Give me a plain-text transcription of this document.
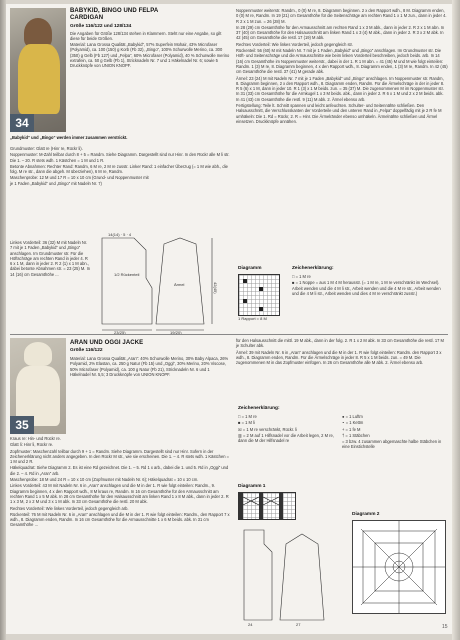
34
BABYKID, BINGO UND FELPA
CARDIGAN
Größe 116/122 und 128/134
Die Angaben für Größe 128/134 stehen in Klammern. Steht nur eine Angabe, so gilt diese für beide Größen.
Material: Lana Grossa Qualität „Babykid“, 57% Superfein Mohair, 43% Microfaser (Polyamid), ca. 100 (150) g Korb (Fb 32), „Bingo“, 100% Schurwolle Merino, ca. 300 (350) g Gelb (Fb 127) und „Felpa“, 60% Microfaser (Polyamid), 40 % Schurwolle merino extrafein, ca. 50 g Gelb (Fb 1), Stricknadeln Nr. 7 und 1 Häkelnadel Nr. 6; sowie 5 Druckknöpfe von UNION KNOPF.
„Babykid“ und „Bingo“ werden immer zusammen verstrickt.

Grundmuster: Glatt re (Hinr re, Rückr li).

Noppenmuster: M-Zahl teilbar durch 8 + 5 = Randm. Siehe Diagramm. Dargestellt sind nur Hinr. In den Rückr alle M li str. Die 1. – 20. R stets wdh. 1 Kästchen = 1 M und 1 R.

Betonte Abnahmen: Rechter Rand: Randm, 6 M re, 2 M re zusstr. Linker Rand: 1 einfacher Überzug (= 1 M wie abh., die folg. M re str., dann die abgeh. M überziehen), 6 M re, Randm.

Maschenprobe: 12 M und 17 R = 10 x 10 cm (Grund- und Noppenmuster mit je 1 Faden „Babykid“ und „Bingo“ mit Nadeln Nr. 7)

Linkes Vorderteil: 36 (32) M mit Nadeln Nr. 7 mit je 1 Faden „Babykid“ und „Bingo“ anschlagen. Im Grundmuster str. Für die Höftschräge am rechten Rand in jeder 4. R 6 x 1 M, dann in jeder 2. R 2 (1) x 1 M abn., dabei betonte Abnahmen str. = 23 (25) M. In 14 (16) cm Gesamthöhe ...
14(14) · 5 · 4
23(25)	19(20)
42(45)
Ärmel
1/2 Rückenteil

Noppenmuster weiterstr. Randm., 0 (0) M re, 8. Diagramm beginnen. 2 x den Rapport wdh., 8 M. Diagramm enden, 0 (0) M re, Randm. In 19 (21) cm Gesamthöhe für die Seitenschräge am rechten Rand 1 x 1 M zun., dann in jeder 4. R 2 x 1 M zun. = 26 (28) M.

In 28 (29) cm Gesamthöhe für den Armausschnitt am rechten Rand 1 x 3 M abk., dann in jeder 2. R 2 x 1 M abn. In 37 (40) cm Gesamthöhe für den Halsausschnitt am linken Rand 1 x 3 (4) M abk., dann in jeder 2. R 3 x 2 M abk. In 42 (45) cm Gesamthöhe die restl. 17 (19) M abk.

Rechtes Vorderteil: Wie linkes Vorderteil, jedoch gegengleich str.

Rückenteil: 56 (60) M mit Nadeln Nr. 7 mit je 1 Faden „Babykid“ und „Bingo“ anschlagen. Im Grundmuster str. Die Höft- und Seitenschräge und die Armausschnitte wie beim linken Vorderteil beschreiben, jedoch beids. arb. In 14 (16) cm Gesamthöhe im Noppenmuster weiterstr., dabei in der 1. R 1 M abn. = 41 (45) M und M wie folgt einteilen: Randm. 1 (3) M re, 8. Diagramm beginnen, 4 x den Rapport wdh., 8. Diagramm enden, 1 (3) M re, Randm. In 42 (45) cm Gesamthöhe die restl. 37 (41) M gerade abk.

Ärmel: 23 (24) M mit Nadeln Nr. 7 mit je 1 Faden „Babykid“ und „Bingo“ anschlagen. Im Noppenmuster str. Randm, 8. Diagramm beginnen, 2 x den Rapport wdh., 8. Diagramm enden, Randm. Für die Ärmelschräge in der in jeder 8. R 5 (6) x 1 M, dann in jeder 10. R 1 (3) x 1 M beids. zun. = 35 (37) M. Die zugenommenen M im Noppenmuster str. In 31 (33) cm Gesamthöhe für die Armkugel 1 x 3 M beids. abk., dann in jeder 2. R 6 x 1 M und 2 x 2 M beids. abk. In 41 (43) cm Gesamthöhe die restl. 9 (11) M abk. 2. Ärmel ebenso arb.

Fertigstellung: Teile lt. Schnitt spannen und leicht anfeuchten. Schulter- und Seitennähte schließen. Den Halsausschnitt, die Verschlusskanten der Vorderteile und den unteren Rand in „Felpa“ doppelfädig mit je 2 R fe M umhäkeln: Die 1. Rd = Rückr, 2. R = Hinr. Die Ärmelränder ebenso umhäkeln. Ärmelnähte schließen und Ärmel einsetzen. Druckknöpfe annähen.

Diagramm
1 Rapport = 8 M
Zeichenerklärung:

□ = 1 M re

■ = 1 Noppe = aus 1 M 4 M herausstr. (= 1 M re, 1 M re verschränkt im Wechsel). Arbeit wenden und die 4 M li str., Arbeit wenden und die 4 M re str., Arbeit wenden und die 4 M li str., Arbeit wenden und dies 4 M re verschränkt zusstr.)

35
ARAN UND OGGI JACKE
Größe 116/122
Material: Lana Grossa Qualität „Aran“: 40% Schurwolle Merino, 30% Baby Alpaca, 26% Polyamid, 2% Elastan, ca. 250 g Natur (Fb 15) und „Oggi“, 30% Merino, 20% Viscose, 50% Microfaser (Polyamid), ca. 100 g Natur (Fb 21), Stricknadeln Nr. 6 und 1 Häkelnadel Nr. 5,5; 3 Druckknöpfe von UNION KNOPF.

Kraus re: Hin- und Rückr re.

Glatt li: Hinr li, Rückr re.

Zopfmuster: Maschenzahl teilbar durch 9 + 1 = Randm. Siehe Diagramm. Dargestellt sind nur Hinr. Sofern in der Zeichenerklärung nicht anders angegeben. In den Rückr M str., wie sie erscheinen. Die 1. – 4. R stets wdh. 1 Kästchen = 1 M und 2 R.

Häkelquadrat: Siehe Diagramm 2. Es ist eine Rd gezeichnet. Die 1. – 5. Rd 1 x arb., dabei die 1. und 5. Rd in „Oggi“ und die 2. – 4. Rd in „Aran“ arb.

Maschenprobe: 18 M und 24 R = 10 x 10 cm (Zopfmuster mit Nadeln Nr. 6); Häkelquadrat = 10 x 10 cm.

Linkes Vorderteil: 43 M mit Nadeln Nr. 6 in „Aran“ anschlagen und die M in der 1. R wie folgt einteilen: Randm., 9. Diagramm beginnen, 4 x den Rapport wdh., 8 M kraus re, Randm. In 16 cm Gesamthöhe für den Armausschnitt am rechten Rand 1 x 5 M abk. In 28 cm Gesamthöhe für den Halsausschnitt am linken Rand 1 x 8 M abk., dann in jeder 2. R 1 x 3 M, 2 x 2 M und 3 x 1 M abk. In 33 cm Gesamthöhe die restl. 20 M abk.

Rechtes Vorderteil: Wie linkes Vorderteil, jedoch gegengleich arb.

Rückenteil: 76 M mit Nadeln Nr. 6 in „Aran“ anschlagen und die M in der 1. R wie folgt einteilen: Randm., den Rapport 7 x wdh., 8. Diagramm enden, Randm. In 16 cm Gesamthöhe für die Armausschnitte 1 x 6 M beids. abk. In 31 cm Gesamthöhe ...

für den Halsausschnitt die mittl. 19 M abk., dann in der folg. 2. R 1 x 2 M abk. In 33 cm Gesamthöhe die restl. 17 M je Schulter abk.

Ärmel: 39 mit Nadeln Nr. 6 in „Aran“ anschlagen und die M in der 1. R wie folgt einteilen: Randm. den Rapport 3 x wdh., 8. Diagramm enden, Randm. Für die Ärmelschräge in jeder 8. R 5 x 1 M beids. zun. = 49 M. Die zugenommenen M in das Zopfmuster einfügen. In 26 cm Gesamthöhe alle M abk. 2. Ärmel ebenso arb.

Zeichenerklärung:

□ = 1 M re

■ = 1 M li

☒ = 1 M re verschränkt, Rückr. li

▥ = 2 M auf 1 Hilfsnadel vor die Arbeit legen, 2 M re, dann die M der Hilfsnadel re

● = 1 Luftm

∘ = 1 Kettm

+ = 1 fe M

† = 1 Stäbchen

= 3 bzw. 4 zusammen abgemaschte halbe Stäbchen in eine Einstichstelle

Diagramm 1
24	27
Diagramm 2
15
